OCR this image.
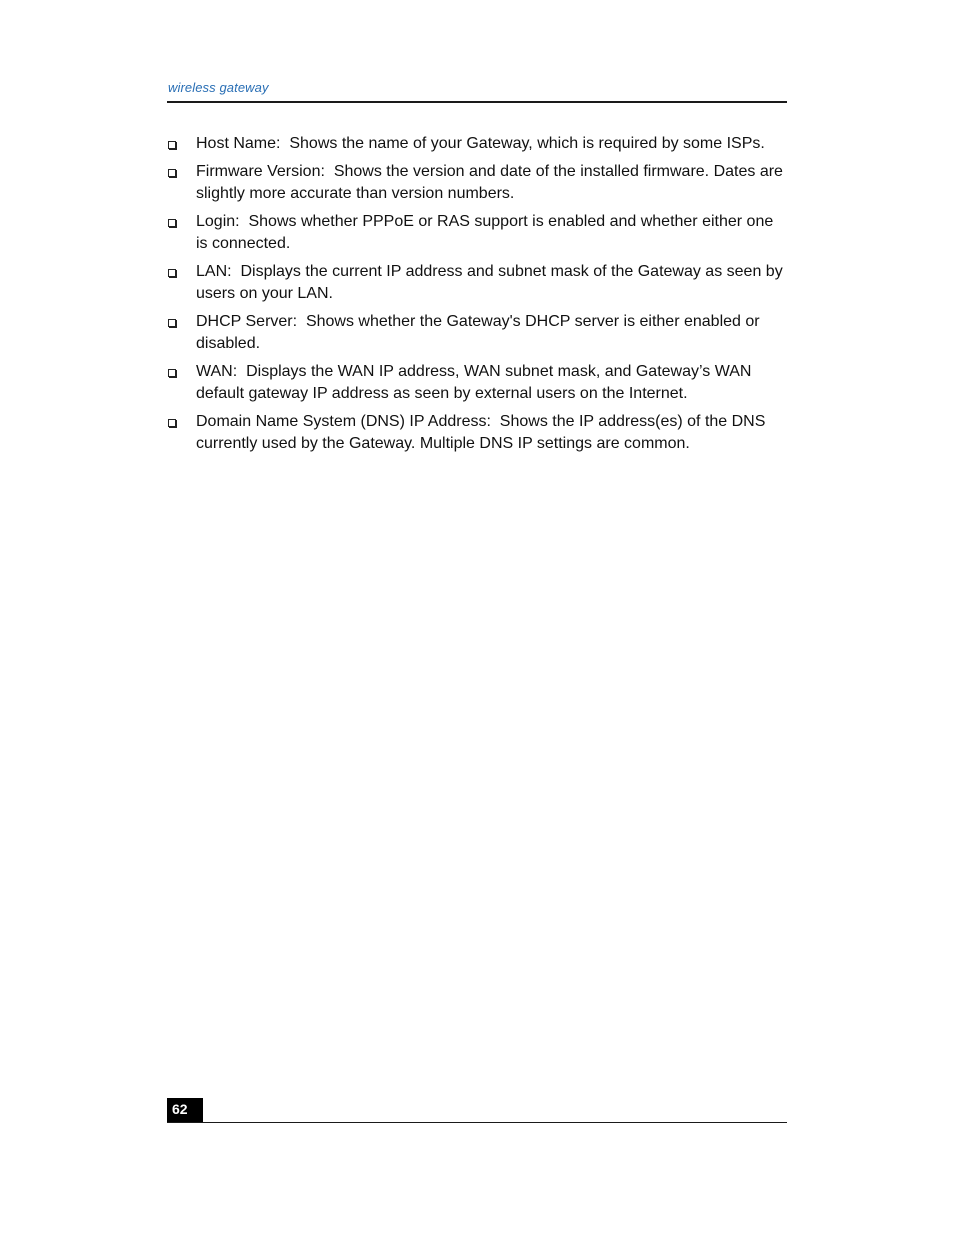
wireless gateway
Host Name: Shows the name of your Gateway, which is required by some ISPs.
Firmware Version: Shows the version and date of the installed firmware. Dates are slightly more accurate than version numbers.
Login: Shows whether PPPoE or RAS support is enabled and whether either one is connected.
LAN: Displays the current IP address and subnet mask of the Gateway as seen by users on your LAN.
DHCP Server: Shows whether the Gateway's DHCP server is either enabled or disabled.
WAN: Displays the WAN IP address, WAN subnet mask, and Gateway’s WAN default gateway IP address as seen by external users on the Internet.
Domain Name System (DNS) IP Address: Shows the IP address(es) of the DNS currently used by the Gateway. Multiple DNS IP settings are common.
62
